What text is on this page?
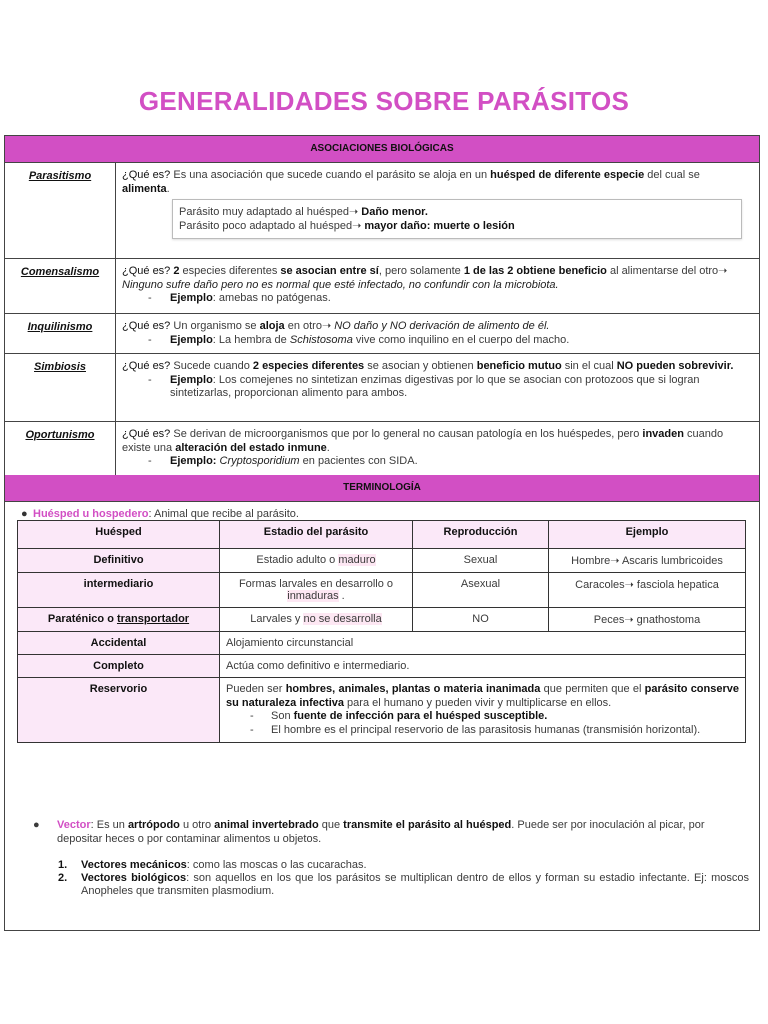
GENERALIDADES SOBRE PARÁSITOS
ASOCIACIONES BIOLÓGICAS
Parasitismo	¿Qué es? Es una asociación que sucede cuando el parásito se aloja en un huésped de diferente especie del cual se alimenta.
Parásito muy adaptado al huésped➝ Daño menor.
Parásito poco adaptado al huésped➝ mayor daño: muerte o lesión
Comensalismo	¿Qué es? 2 especies diferentes se asocian entre sí, pero solamente 1 de las 2 obtiene beneficio al alimentarse del otro➝ Ninguno sufre daño pero no es normal que esté infectado, no confundir con la microbiota.
- Ejemplo: amebas no patógenas.
Inquilinismo	¿Qué es? Un organismo se aloja en otro➝ NO daño y NO derivación de alimento de él.
- Ejemplo: La hembra de Schistosoma vive como inquilino en el cuerpo del macho.
Simbiosis	¿Qué es? Sucede cuando 2 especies diferentes se asocian y obtienen beneficio mutuo sin el cual NO pueden sobrevivir.
- Ejemplo: Los comejenes no sintetizan enzimas digestivas por lo que se asocian con protozoos que si logran sintetizarlas, proporcionan alimento para ambos.
Oportunismo	¿Qué es? Se derivan de microorganismos que por lo general no causan patología en los huéspedes, pero invaden cuando existe una alteración del estado inmune.
- Ejemplo: Cryptosporidium en pacientes con SIDA.
TERMINOLOGÍA
● Huésped u hospedero: Animal que recibe al parásito.
Huésped	Estadio del parásito	Reproducción	Ejemplo
Definitivo	Estadio adulto o maduro	Sexual	Hombre➝ Ascaris lumbricoides
intermediario	Formas larvales en desarrollo o inmaduras .	Asexual	Caracoles➝ fasciola hepatica
Paraténico o transportador	Larvales y no se desarrolla	NO	Peces➝ gnathostoma
Accidental	Alojamiento circunstancial		
Completo	Actúa como definitivo e intermediario.		
Reservorio	Pueden ser hombres, animales, plantas o materia inanimada que permiten que el parásito conserve su naturaleza infectiva para el humano y pueden vivir y multiplicarse en ellos.
- Son fuente de infección para el huésped susceptible.
- El hombre es el principal reservorio de las parasitosis humanas (transmisión horizontal).		
● Vector: Es un artrópodo u otro animal invertebrado que transmite el parásito al huésped. Puede ser por inoculación al picar, por depositar heces o por contaminar alimentos u objetos.
1. Vectores mecánicos: como las moscas o las cucarachas.
2. Vectores biológicos: son aquellos en los que los parásitos se multiplican dentro de ellos y forman su estadio infectante. Ej: moscos Anopheles que transmiten plasmodium.
